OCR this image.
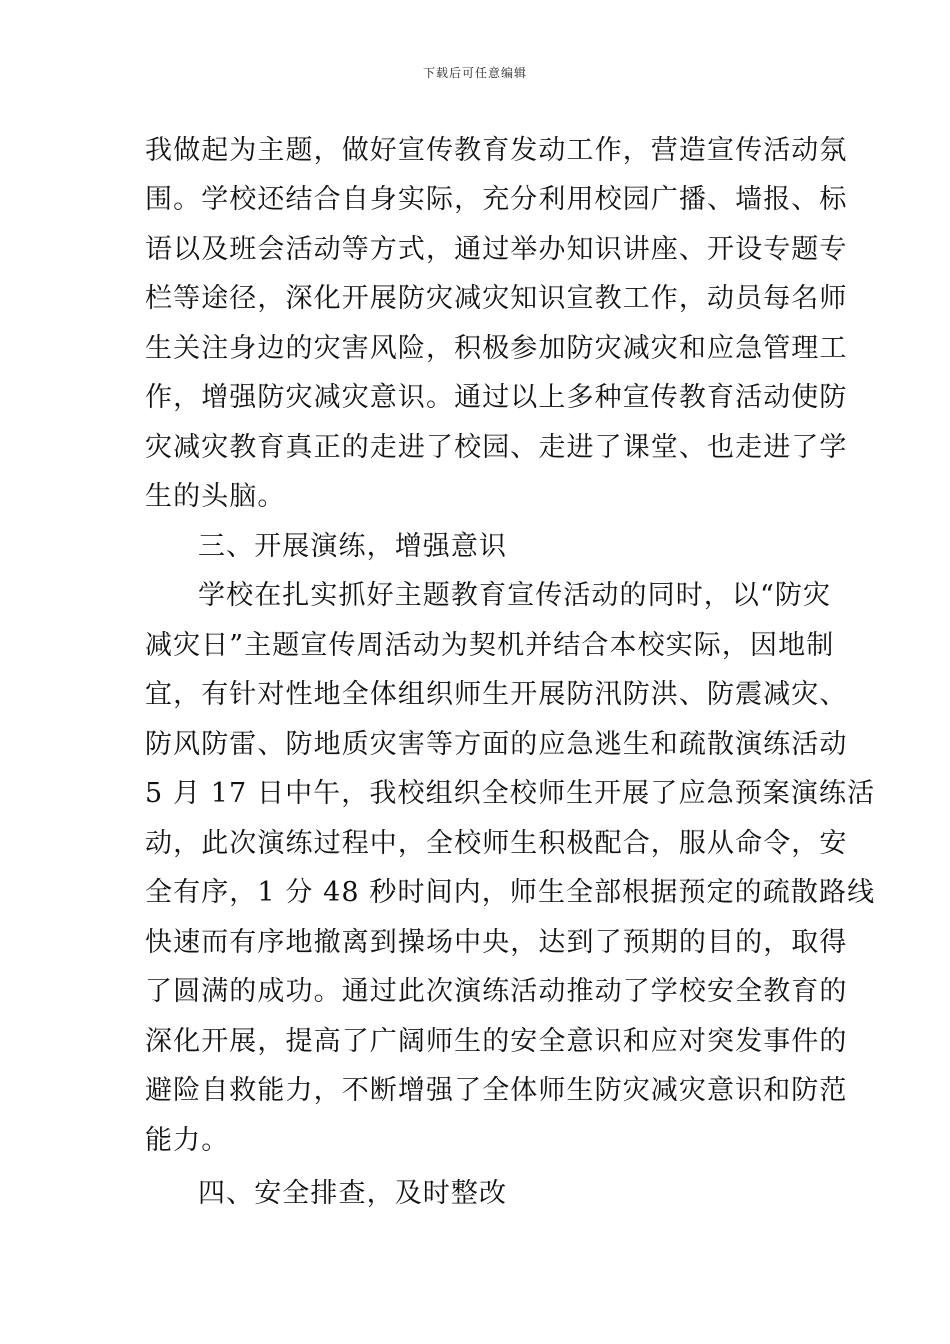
下载后可任意编辑
我做起为主题，做好宣传教育发动工作，营造宣传活动氛
围。学校还结合自身实际，充分利用校园广播、墙报、标
语以及班会活动等方式，通过举办知识讲座、开设专题专
栏等途径，深化开展防灾减灾知识宣教工作，动员每名师
生关注身边的灾害风险，积极参加防灾减灾和应急管理工
作，增强防灾减灾意识。通过以上多种宣传教育活动使防
灾减灾教育真正的走进了校园、走进了课堂、也走进了学
生的头脑。
三、开展演练，增强意识
学校在扎实抓好主题教育宣传活动的同时，以“防灾
减灾日”主题宣传周活动为契机并结合本校实际，因地制
宜，有针对性地全体组织师生开展防汛防洪、防震减灾、
防风防雷、防地质灾害等方面的应急逃生和疏散演练活动
5 月 17 日中午，我校组织全校师生开展了应急预案演练活
动，此次演练过程中，全校师生积极配合，服从命令，安
全有序，1 分 48 秒时间内，师生全部根据预定的疏散路线
快速而有序地撤离到操场中央，达到了预期的目的，取得
了圆满的成功。通过此次演练活动推动了学校安全教育的
深化开展，提高了广阔师生的安全意识和应对突发事件的
避险自救能力，不断增强了全体师生防灾减灾意识和防范
能力。
四、安全排查，及时整改
